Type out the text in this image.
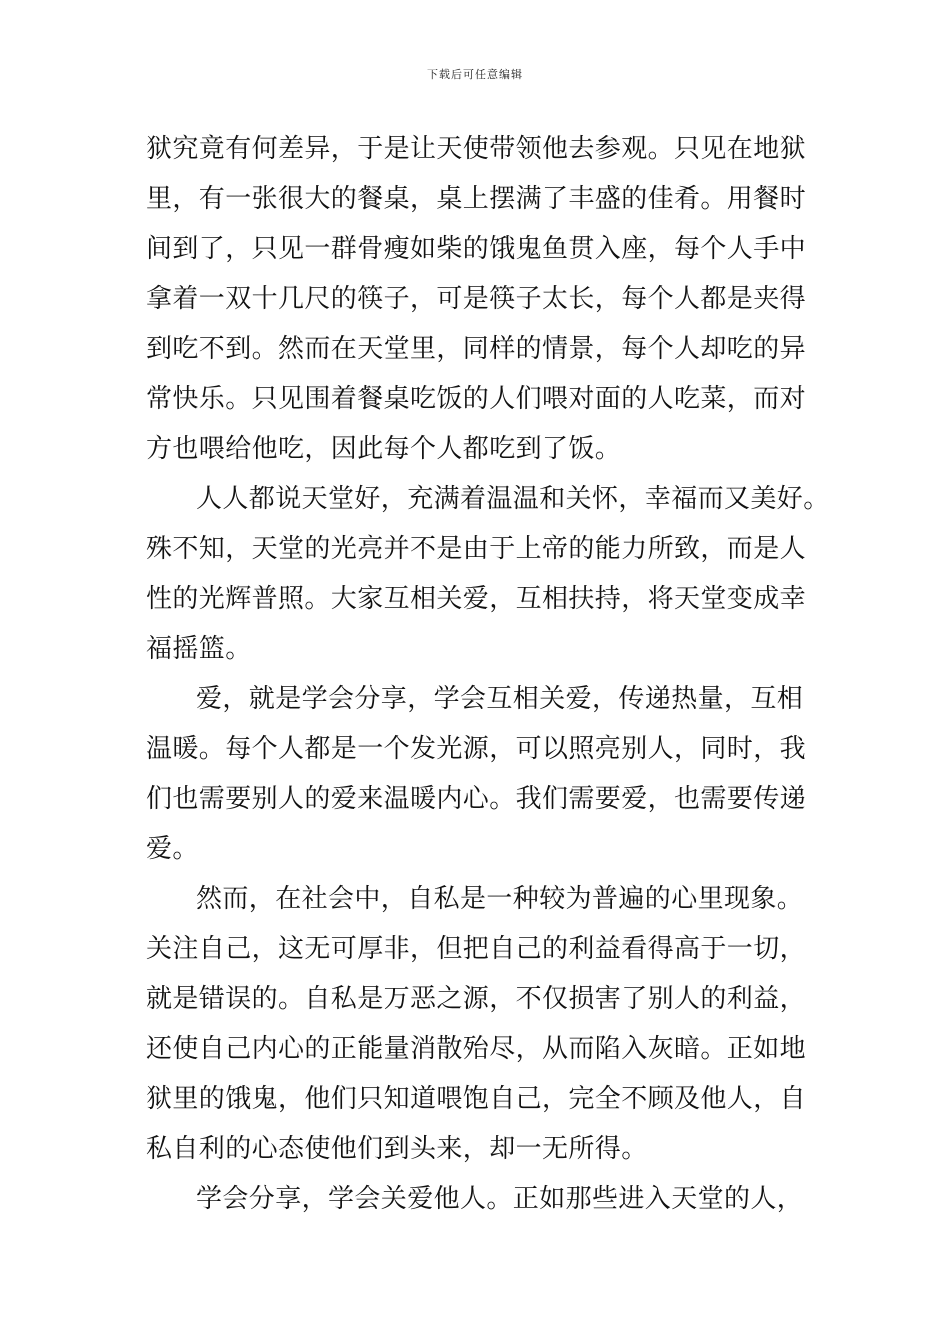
下载后可任意编辑
狱究竟有何差异，于是让天使带领他去参观。只见在地狱
里，有一张很大的餐桌，桌上摆满了丰盛的佳肴。用餐时
间到了，只见一群骨瘦如柴的饿鬼鱼贯入座，每个人手中
拿着一双十几尺的筷子，可是筷子太长，每个人都是夹得
到吃不到。然而在天堂里，同样的情景，每个人却吃的异
常快乐。只见围着餐桌吃饭的人们喂对面的人吃菜，而对
方也喂给他吃，因此每个人都吃到了饭。
人人都说天堂好，充满着温温和关怀，幸福而又美好。
殊不知，天堂的光亮并不是由于上帝的能力所致，而是人
性的光辉普照。大家互相关爱，互相扶持，将天堂变成幸
福摇篮。
爱，就是学会分享，学会互相关爱，传递热量，互相
温暖。每个人都是一个发光源，可以照亮别人，同时，我
们也需要别人的爱来温暖内心。我们需要爱，也需要传递
爱。
然而，在社会中，自私是一种较为普遍的心里现象。
关注自己，这无可厚非，但把自己的利益看得高于一切，
就是错误的。自私是万恶之源，不仅损害了别人的利益，
还使自己内心的正能量消散殆尽，从而陷入灰暗。正如地
狱里的饿鬼，他们只知道喂饱自己，完全不顾及他人，自
私自利的心态使他们到头来，却一无所得。
学会分享，学会关爱他人。正如那些进入天堂的人，
